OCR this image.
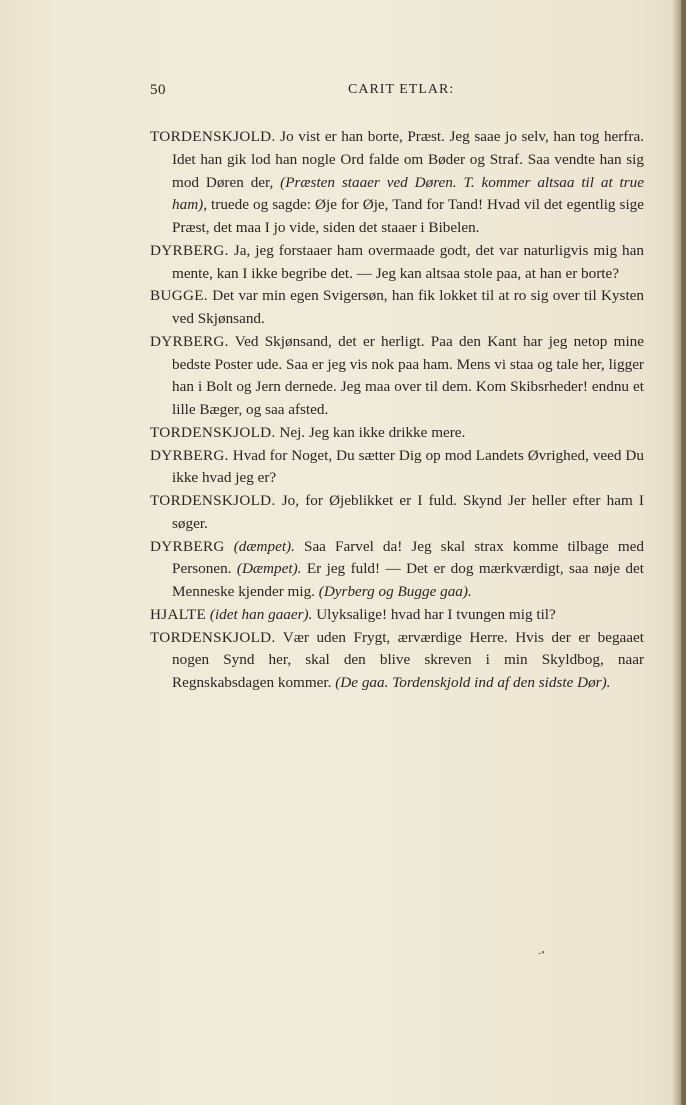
50	CARIT ETLAR:

TORDENSKJOLD. Jo vist er han borte, Præst. Jeg saae jo selv, han tog herfra. Idet han gik lod han nogle Ord falde om Bøder og Straf. Saa vendte han sig mod Døren der, (Præsten staaer ved Døren. T. kommer altsaa til at true ham), truede og sagde: Øje for Øje, Tand for Tand! Hvad vil det egentlig sige Præst, det maa I jo vide, siden det staaer i Bibelen.

DYRBERG. Ja, jeg forstaaer ham overmaade godt, det var naturligvis mig han mente, kan I ikke begribe det. — Jeg kan altsaa stole paa, at han er borte?

BUGGE. Det var min egen Svigersøn, han fik lokket til at ro sig over til Kysten ved Skjønsand.

DYRBERG. Ved Skjønsand, det er herligt. Paa den Kant har jeg netop mine bedste Poster ude. Saa er jeg vis nok paa ham. Mens vi staa og tale her, ligger han i Bolt og Jern dernede. Jeg maa over til dem. Kom Skibsrheder! endnu et lille Bæger, og saa afsted.

TORDENSKJOLD. Nej. Jeg kan ikke drikke mere.

DYRBERG. Hvad for Noget, Du sætter Dig op mod Landets Øvrighed, veed Du ikke hvad jeg er?

TORDENSKJOLD. Jo, for Øjeblikket er I fuld. Skynd Jer heller efter ham I søger.

DYRBERG (dæmpet). Saa Farvel da! Jeg skal strax komme tilbage med Personen. (Dæmpet). Er jeg fuld! — Det er dog mærkværdigt, saa nøje det Menneske kjender mig. (Dyrberg og Bugge gaa).

HJALTE (idet han gaaer). Ulyksalige! hvad har I tvungen mig til?

TORDENSKJOLD. Vær uden Frygt, ærværdige Herre. Hvis der er begaaet nogen Synd her, skal den blive skreven i min Skyldbog, naar Regnskabsdagen kommer. (De gaa. Tordenskjold ind af den sidste Dør).

-•
